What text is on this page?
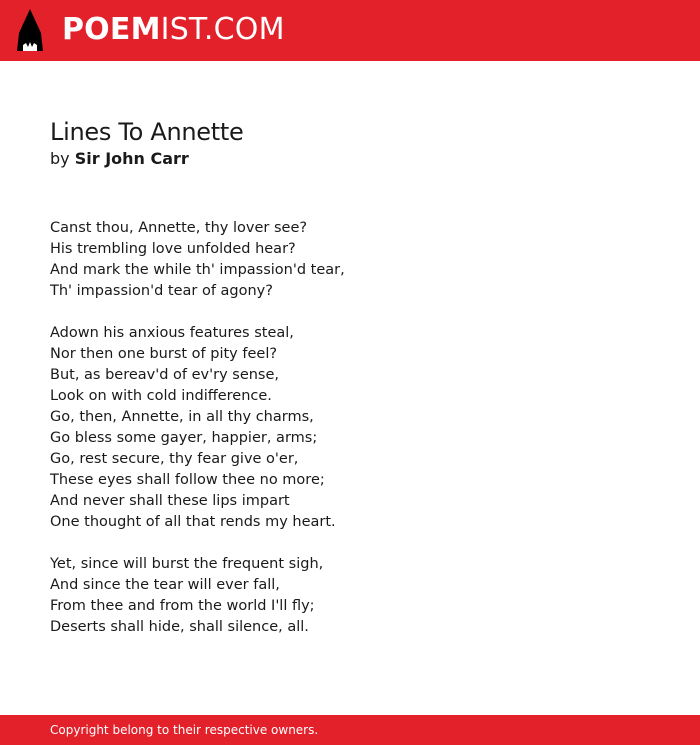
POEM IST.COM
Lines To Annette
by Sir John Carr
Canst thou, Annette, thy lover see?
His trembling love unfolded hear?
And mark the while th' impassion'd tear,
Th' impassion'd tear of agony?
Adown his anxious features steal,
Nor then one burst of pity feel?
But, as bereav'd of ev'ry sense,
Look on with cold indifference.
Go, then, Annette, in all thy charms,
Go bless some gayer, happier, arms;
Go, rest secure, thy fear give o'er,
These eyes shall follow thee no more;
And never shall these lips impart
One thought of all that rends my heart.
Yet, since will burst the frequent sigh,
And since the tear will ever fall,
From thee and from the world I'll fly;
Deserts shall hide, shall silence, all.
Copyright belong to their respective owners.
